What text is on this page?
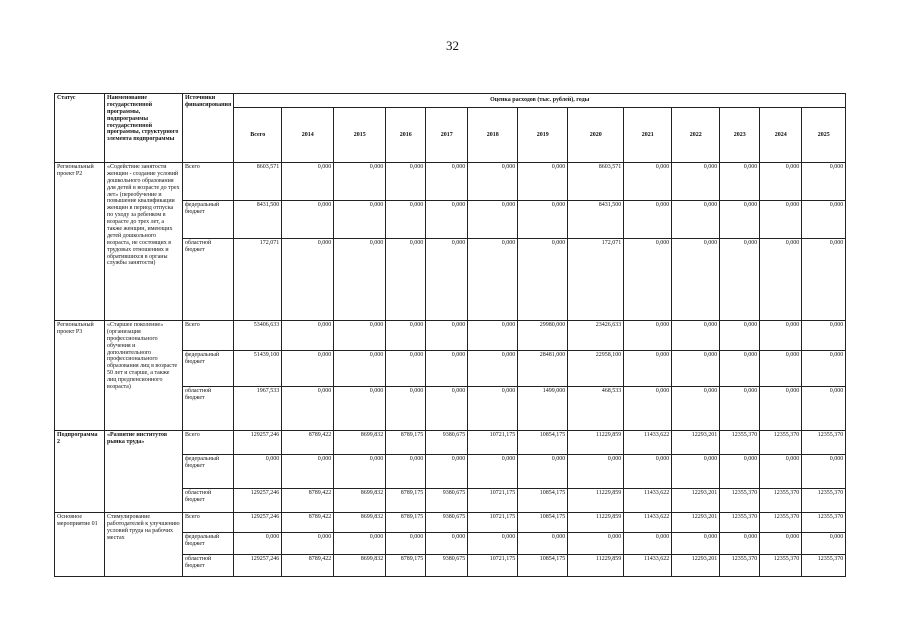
32
Статус	Наименование государственной программы, подпрограммы государственной программы, структурного элемента подпрограммы	Источники финансирования	Оценка расходов (тыс. рублей), годы												
			Всего	2014	2015	2016	2017	2018	2019	2020	2021	2022	2023	2024	2025
Региональный проект Р2	«Содействие занятости женщин - создание условий дошкольного образования для детей в возрасте до трех лет» (переобучение и повышение квалификации женщин в период отпуска по уходу за ребенком в возрасте до трех лет, а также женщин, имеющих детей дошкольного возраста, не состоящих в трудовых отношениях и обратившихся в органы службы занятости)	Всего	8603,571	0,000	0,000	0,000	0,000	0,000	0,000	8603,571	0,000	0,000	0,000	0,000	0,000
		федеральный бюджет	8431,500	0,000	0,000	0,000	0,000	0,000	0,000	8431,500	0,000	0,000	0,000	0,000	0,000
		областной бюджет	172,071	0,000	0,000	0,000	0,000	0,000	0,000	172,071	0,000	0,000	0,000	0,000	0,000
Региональный проект Р3	«Старшее поколение» (организация профессионального обучения и дополнительного профессионального образования лиц в возрасте 50 лет и старше, а также лиц предпенсионного возраста)	Всего	53406,633	0,000	0,000	0,000	0,000	0,000	29980,000	23426,633	0,000	0,000	0,000	0,000	0,000
		федеральный бюджет	51439,100	0,000	0,000	0,000	0,000	0,000	28481,000	22958,100	0,000	0,000	0,000	0,000	0,000
		областной бюджет	1967,533	0,000	0,000	0,000	0,000	0,000	1499,000	468,533	0,000	0,000	0,000	0,000	0,000
Подпрограмма 2	«Развитие институтов рынка труда»	Всего	129257,246	8789,422	8699,832	8789,175	9380,675	10721,175	10854,175	11229,859	11433,622	12293,201	12355,370	12355,370	12355,370
		федеральный бюджет	0,000	0,000	0,000	0,000	0,000	0,000	0,000	0,000	0,000	0,000	0,000	0,000	0,000
		областной бюджет	129257,246	8789,422	8699,832	8789,175	9380,675	10721,175	10854,175	11229,859	11433,622	12293,201	12355,370	12355,370	12355,370
Основное мероприятие 01	Стимулирование работодателей к улучшению условий труда на рабочих местах	Всего	129257,246	8789,422	8699,832	8789,175	9380,675	10721,175	10854,175	11229,859	11433,622	12293,201	12355,370	12355,370	12355,370
		федеральный бюджет	0,000	0,000	0,000	0,000	0,000	0,000	0,000	0,000	0,000	0,000	0,000	0,000	0,000
		областной бюджет	129257,246	8789,422	8699,832	8789,175	9380,675	10721,175	10854,175	11229,859	11433,622	12293,201	12355,370	12355,370	12355,370
